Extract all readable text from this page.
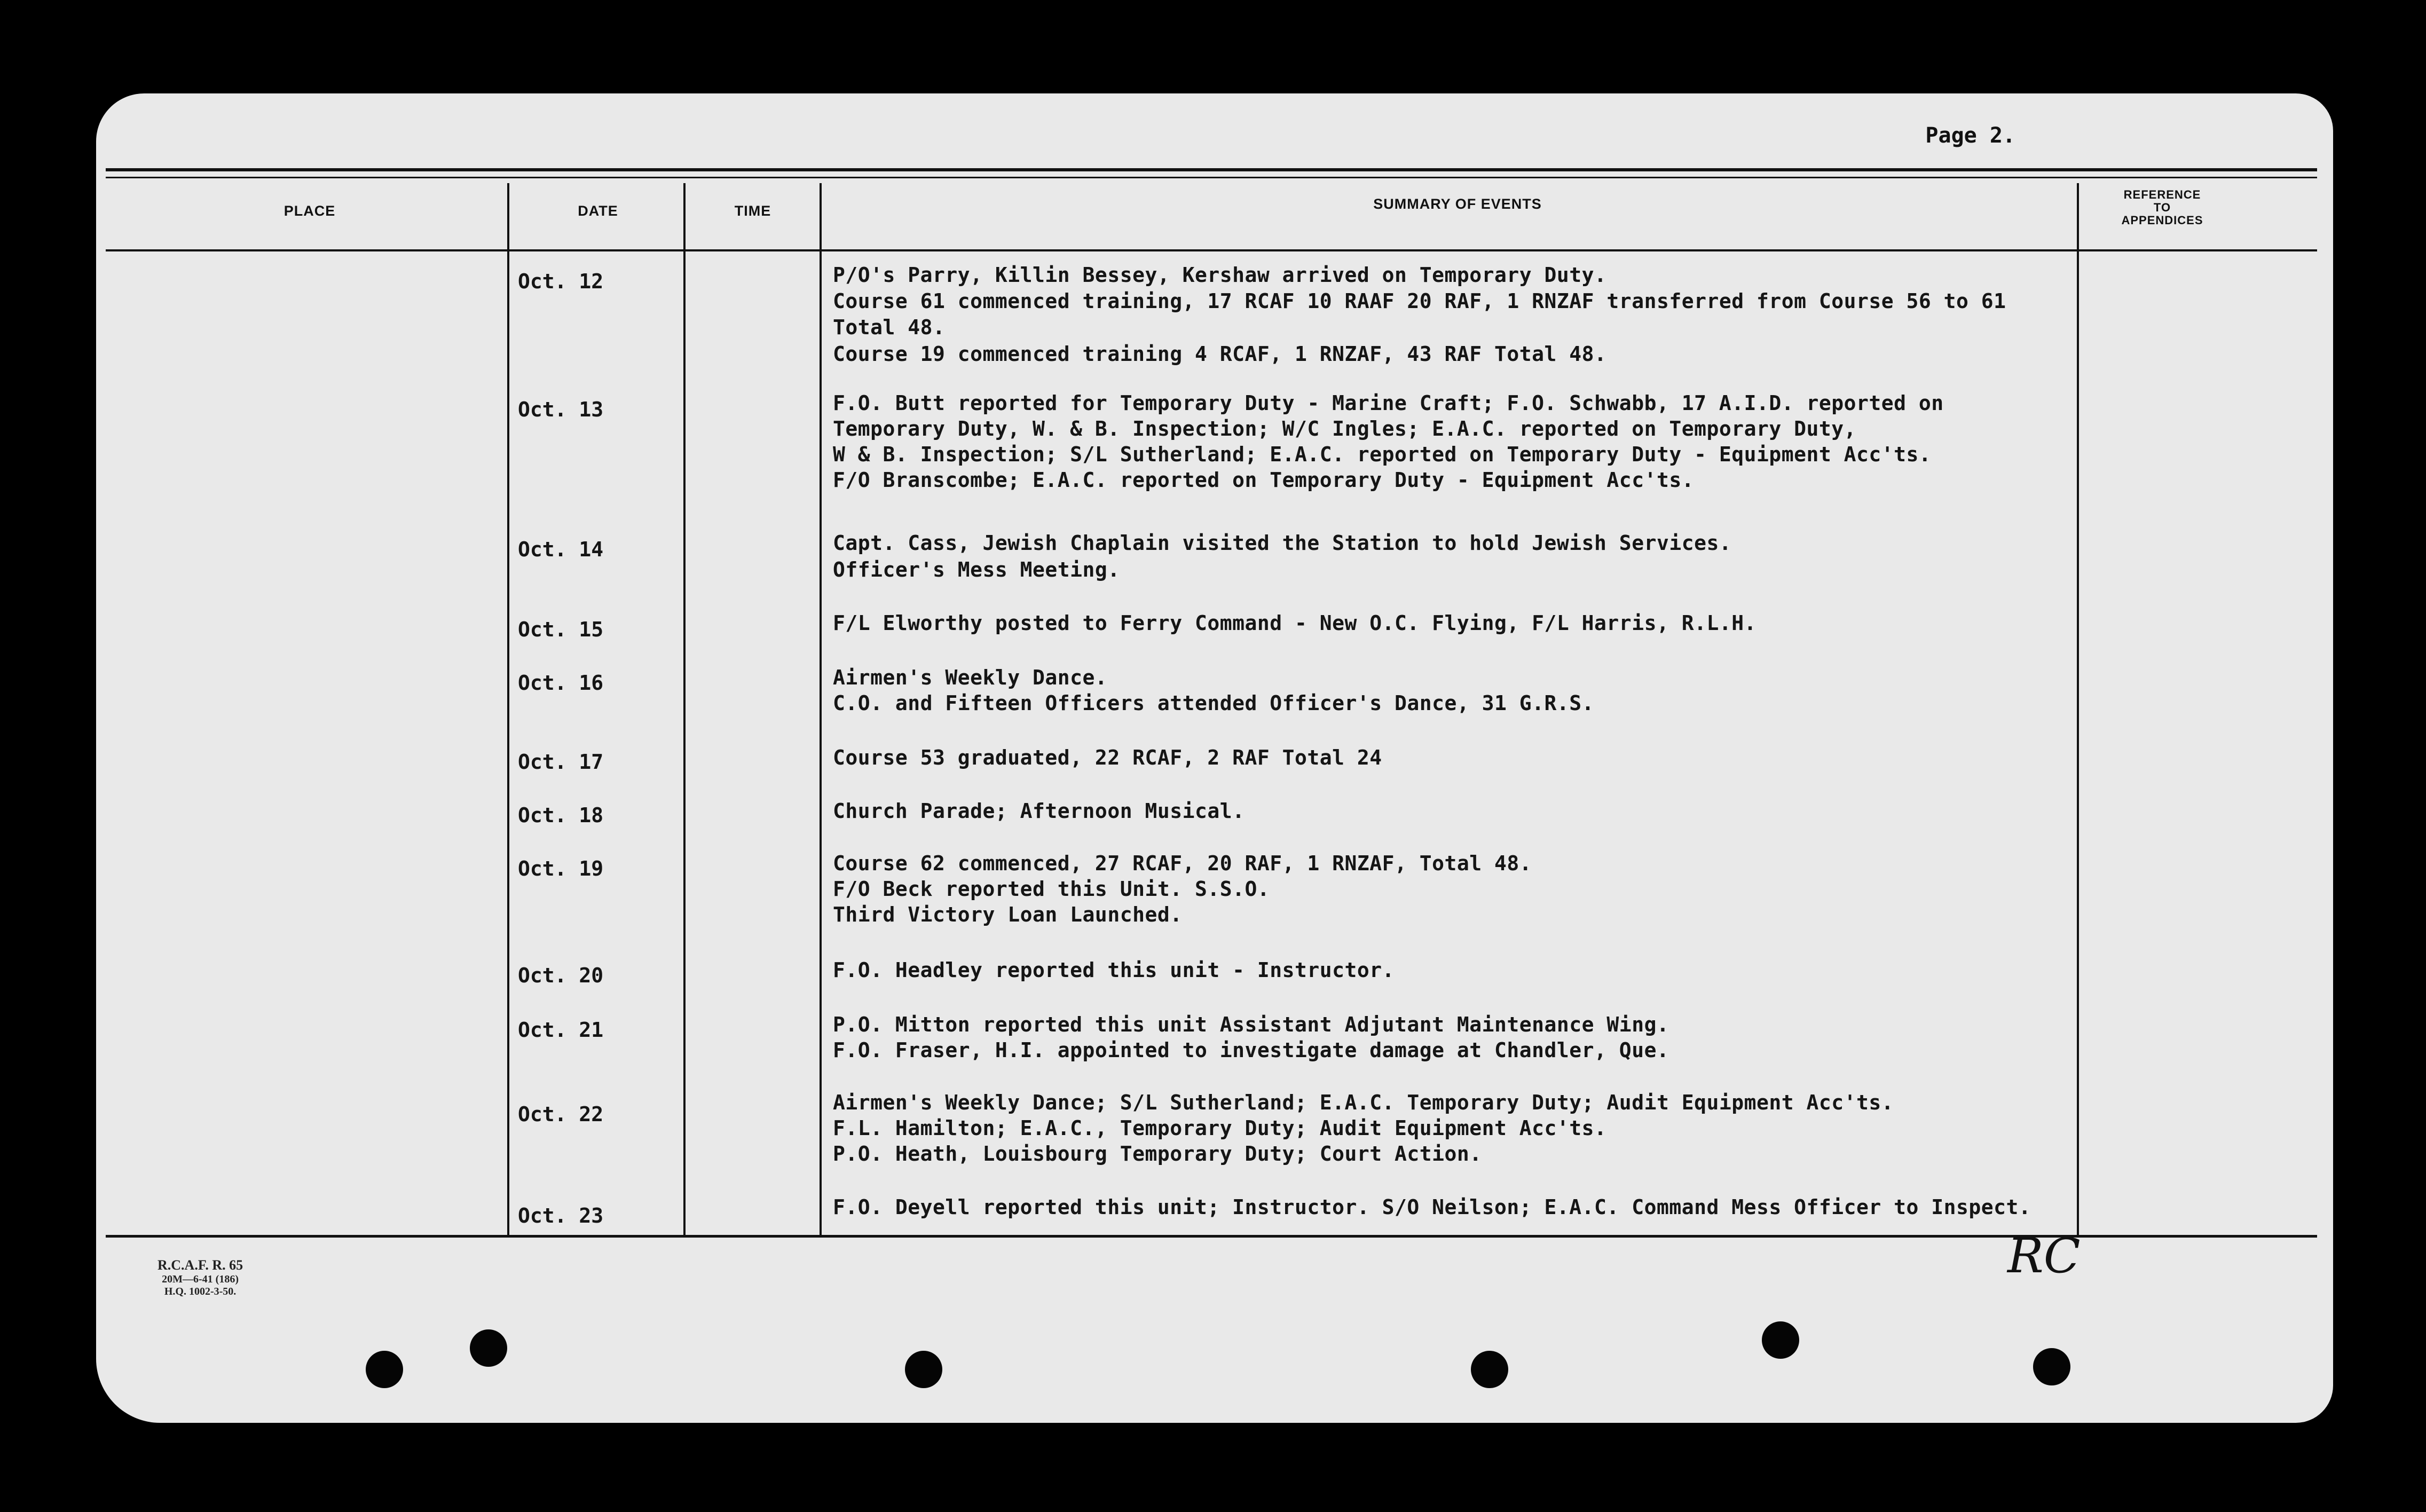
Page 2.
PLACE	DATE	TIME	SUMMARY OF EVENTS
REFERENCE
TO
APPENDICES
Oct. 12	P/O's Parry, Killin Bessey, Kershaw arrived on Temporary Duty.
Course 61 commenced training, 17 RCAF 10 RAAF 20 RAF, 1 RNZAF transferred from Course 56 to 61
Total 48.
Course 19 commenced training 4 RCAF, 1 RNZAF, 43 RAF Total 48.
Oct. 13	F.O. Butt reported for Temporary Duty - Marine Craft; F.O. Schwabb, 17 A.I.D. reported on
Temporary Duty, W. & B. Inspection; W/C Ingles; E.A.C. reported on Temporary Duty,
W & B. Inspection; S/L Sutherland; E.A.C. reported on Temporary Duty - Equipment Acc'ts.
F/O Branscombe; E.A.C. reported on Temporary Duty - Equipment Acc'ts.
Oct. 14	Capt. Cass, Jewish Chaplain visited the Station to hold Jewish Services.
Officer's Mess Meeting.
Oct. 15	F/L Elworthy posted to Ferry Command - New O.C. Flying, F/L Harris, R.L.H.
Oct. 16	Airmen's Weekly Dance.
C.O. and Fifteen Officers attended Officer's Dance, 31 G.R.S.
Oct. 17	Course 53 graduated, 22 RCAF, 2 RAF Total 24
Oct. 18	Church Parade; Afternoon Musical.
Oct. 19	Course 62 commenced, 27 RCAF, 20 RAF, 1 RNZAF, Total 48.
F/O Beck reported this Unit. S.S.O.
Third Victory Loan Launched.
Oct. 20	F.O. Headley reported this unit - Instructor.
Oct. 21	P.O. Mitton reported this unit Assistant Adjutant Maintenance Wing.
F.O. Fraser, H.I. appointed to investigate damage at Chandler, Que.
Oct. 22	Airmen's Weekly Dance; S/L Sutherland; E.A.C. Temporary Duty; Audit Equipment Acc'ts.
F.L. Hamilton; E.A.C., Temporary Duty; Audit Equipment Acc'ts.
P.O. Heath, Louisbourg Temporary Duty; Court Action.
Oct. 23	F.O. Deyell reported this unit; Instructor. S/O Neilson; E.A.C. Command Mess Officer to Inspect.
R.C.A.F. R. 65
20M—6-41 (186)
H.Q. 1002-3-50.
RC
